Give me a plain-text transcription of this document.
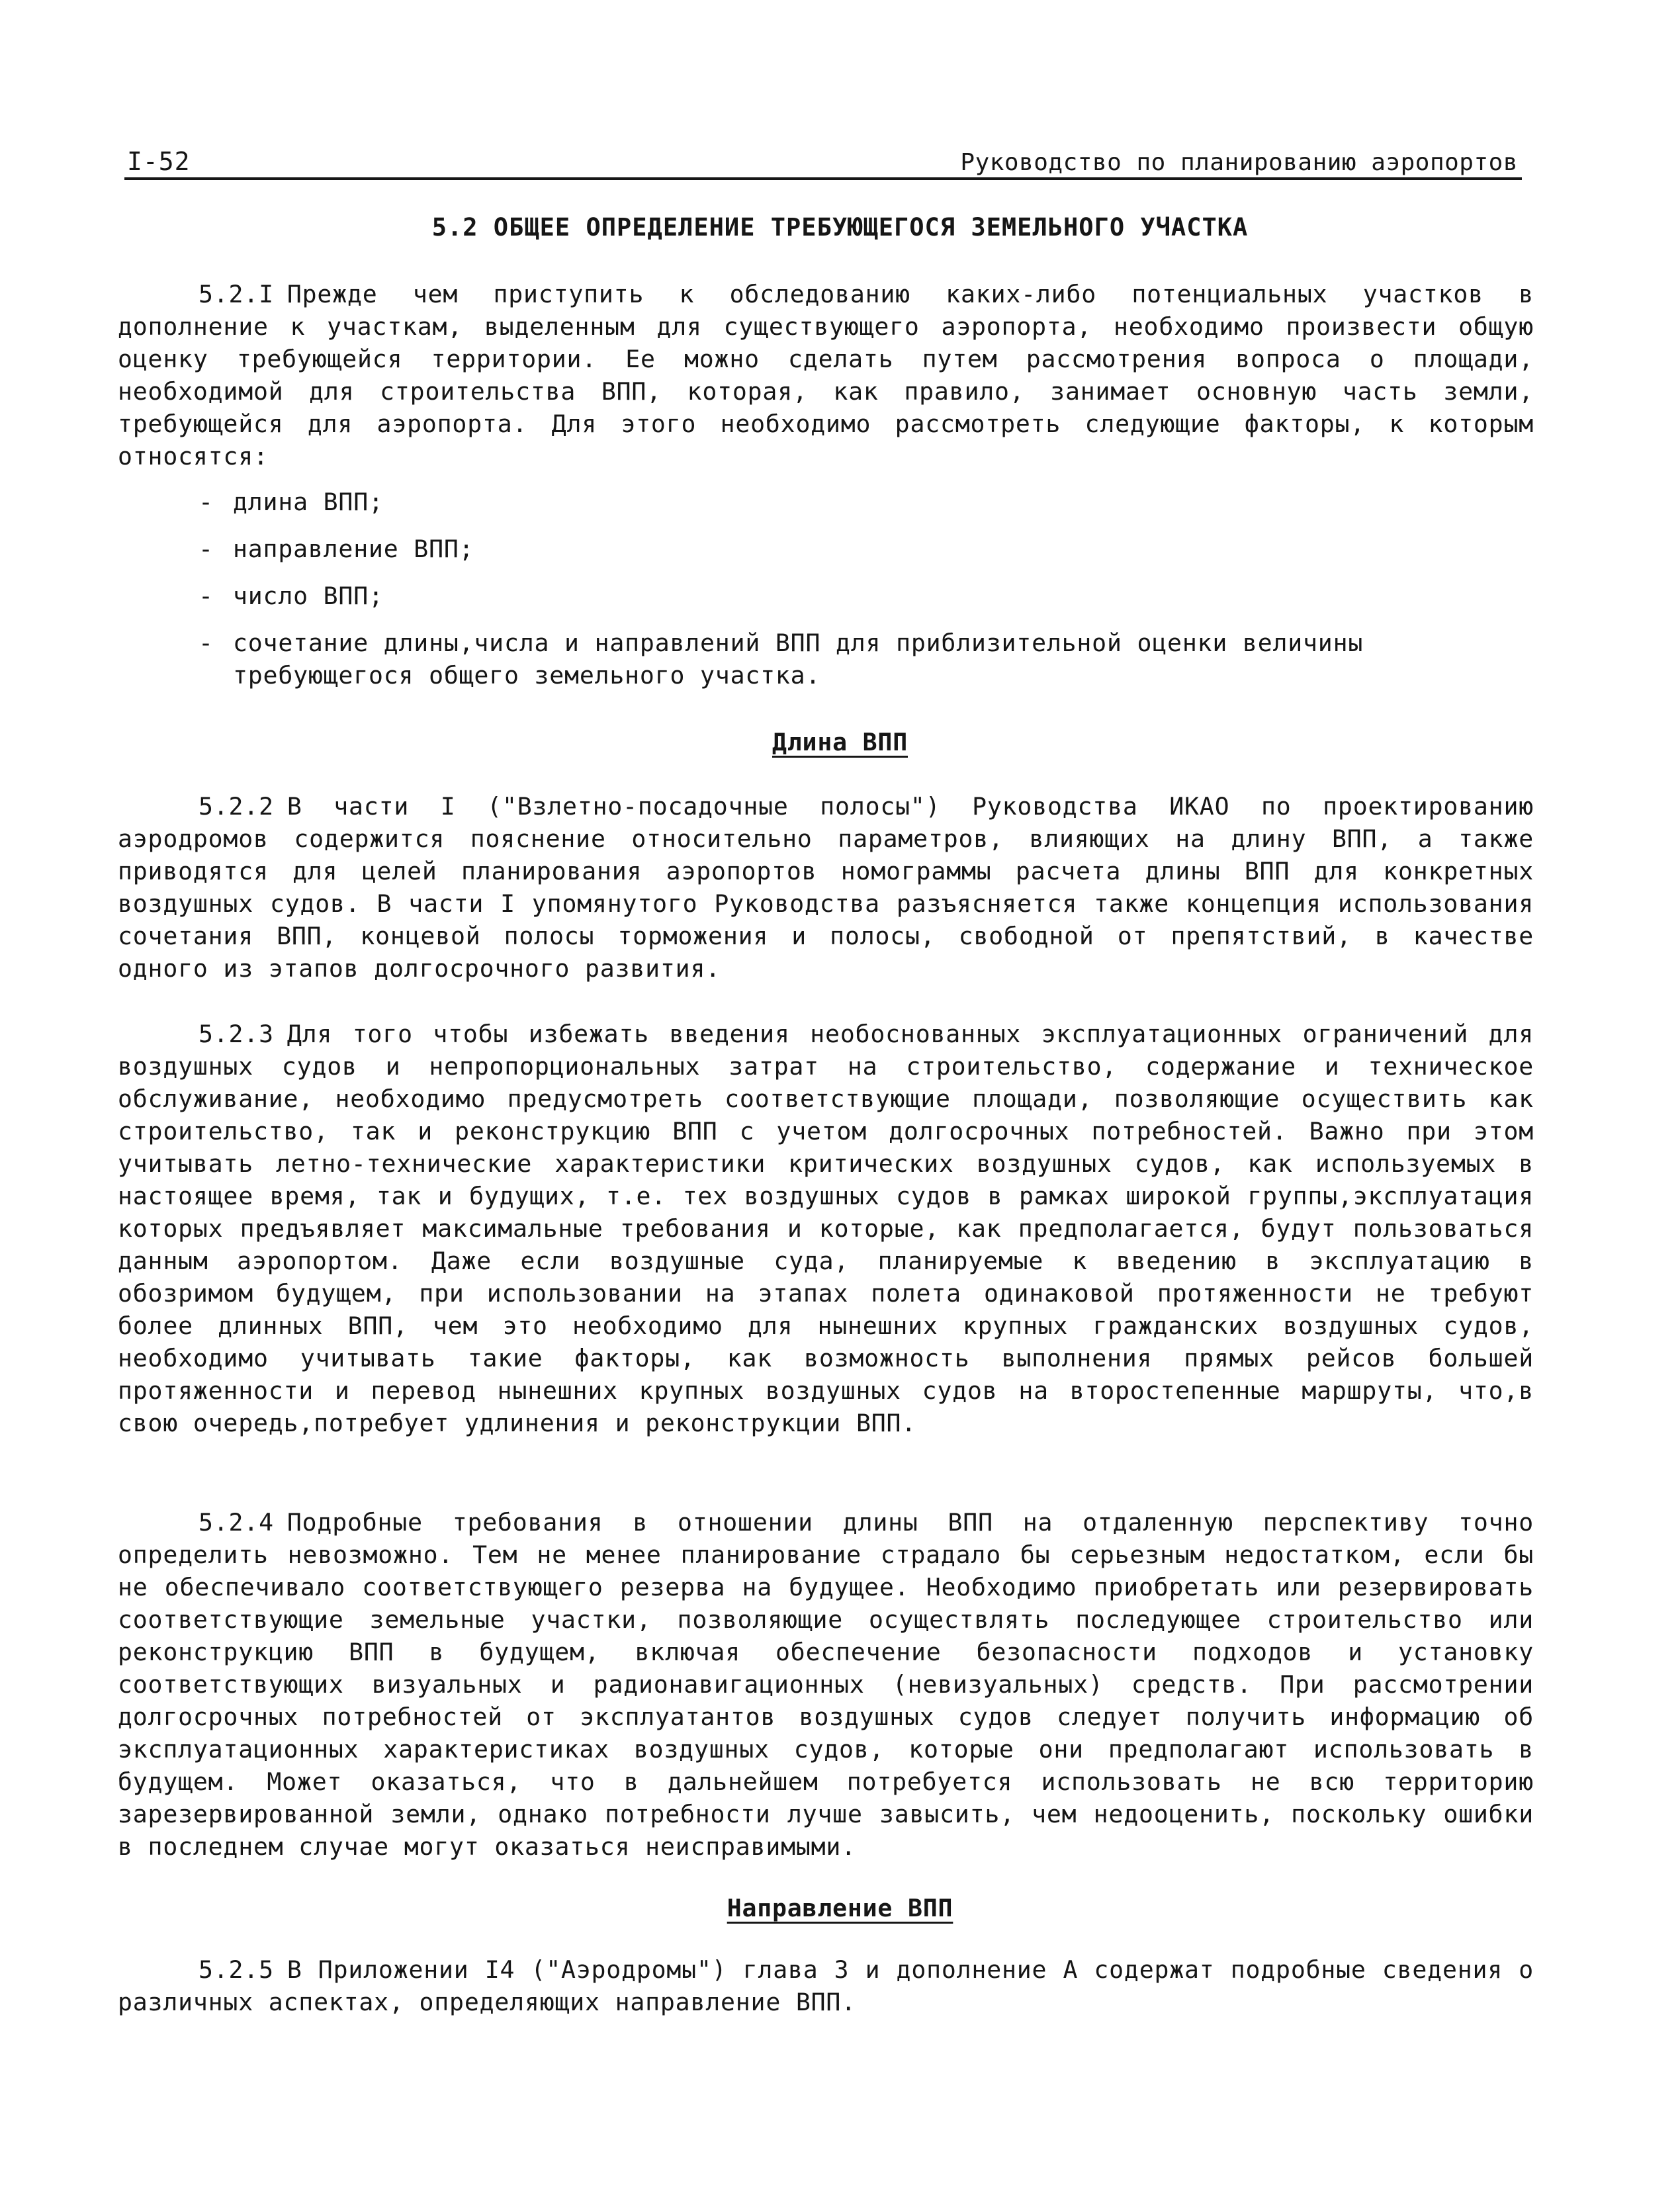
I-52	Руководство по планированию аэропортов
5.2 ОБЩЕЕ ОПРЕДЕЛЕНИЕ ТРЕБУЮЩЕГОСЯ ЗЕМЕЛЬНОГО УЧАСТКА

5.2.I Прежде чем приступить к обследованию каких-либо потенциальных участков в дополнение к участкам, выделенным для существующего аэропорта, необходимо произвести общую оценку требующейся территории. Ее можно сделать путем рассмотрения вопроса о площади, необходимой для строительства ВПП, которая, как правило, занимает основную часть земли, требующейся для аэропорта. Для этого необходимо рассмотреть следующие факторы, к которым относятся:

- длина ВПП;
- направление ВПП;
- число ВПП;
- сочетание длины,числа и направлений ВПП для приблизительной оценки величины требующегося общего земельного участка.
Длина ВПП

5.2.2 В части I ("Взлетно-посадочные полосы") Руководства ИКАО по проектированию аэродромов содержится пояснение относительно параметров, влияющих на длину ВПП, а также приводятся для целей планирования аэропортов номограммы расчета длины ВПП для конкретных воздушных судов. В части I упомянутого Руководства разъясняется также концепция использования сочетания ВПП, концевой полосы торможения и полосы, свободной от препятствий, в качестве одного из этапов долгосрочного развития.

5.2.3 Для того чтобы избежать введения необоснованных эксплуатационных ограничений для воздушных судов и непропорциональных затрат на строительство, содержание и техническое обслуживание, необходимо предусмотреть соответствующие площади, позволяющие осуществить как строительство, так и реконструкцию ВПП с учетом долгосрочных потребностей. Важно при этом учитывать летно-технические характеристики критических воздушных судов, как используемых в настоящее время, так и будущих, т.е. тех воздушных судов в рамках широкой группы,эксплуатация которых предъявляет максимальные требования и которые, как предполагается, будут пользоваться данным аэропортом. Даже если воздушные суда, планируемые к введению в эксплуатацию в обозримом будущем, при использовании на этапах полета одинаковой протяженности не требуют более длинных ВПП, чем это необходимо для нынешних крупных гражданских воздушных судов, необходимо учитывать такие факторы, как возможность выполнения прямых рейсов большей протяженности и перевод нынешних крупных воздушных судов на второстепенные маршруты, что,в свою очередь,потребует удлинения и реконструкции ВПП.

5.2.4 Подробные требования в отношении длины ВПП на отдаленную перспективу точно определить невозможно. Тем не менее планирование страдало бы серьезным недостатком, если бы не обеспечивало соответствующего резерва на будущее. Необходимо приобретать или резервировать соответствующие земельные участки, позволяющие осуществлять последующее строительство или реконструкцию ВПП в будущем, включая обеспечение безопасности подходов и установку соответствующих визуальных и радионавигационных (невизуальных) средств. При рассмотрении долгосрочных потребностей от эксплуатантов воздушных судов следует получить информацию об эксплуатационных характеристиках воздушных судов, которые они предполагают использовать в будущем. Может оказаться, что в дальнейшем потребуется использовать не всю территорию зарезервированной земли, однако потребности лучше завысить, чем недооценить, поскольку ошибки в последнем случае могут оказаться неисправимыми.

Направление ВПП

5.2.5 В Приложении I4 ("Аэродромы") глава 3 и дополнение А содержат подробные сведения о различных аспектах, определяющих направление ВПП.
